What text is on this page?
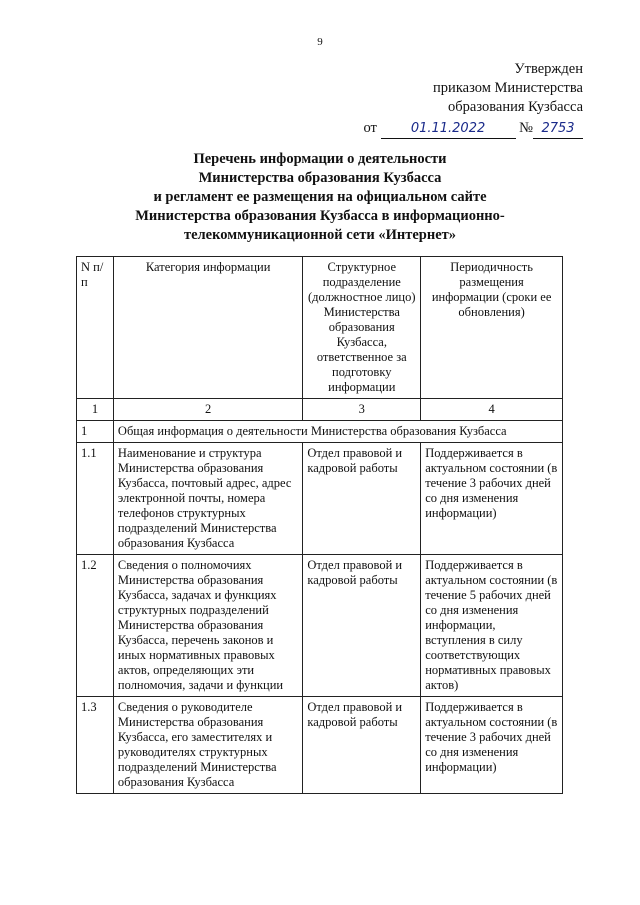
9
Утвержден
приказом Министерства
образования Кузбасса
от	01.11.2022 № 2753
Перечень информации о деятельности
Министерства образования Кузбасса
и регламент ее размещения на официальном сайте
Министерства образования Кузбасса в информационно-
телекоммуникационной сети «Интернет»
N п/п	Категория информации	Структурное подразделение (должностное лицо) Министерства образования Кузбасса, ответственное за подготовку информации	Периодичность размещения информации (сроки ее обновления)
1	2	3	4
1	Общая информация о деятельности Министерства образования Кузбасса		
1.1	Наименование и структура Министерства образования Кузбасса, почтовый адрес, адрес электронной почты, номера телефонов структурных подразделений Министерства образования Кузбасса	Отдел правовой и кадровой работы	Поддерживается в актуальном состоянии (в течение 3 рабочих дней со дня изменения информации)
1.2	Сведения о полномочиях Министерства образования Кузбасса, задачах и функциях структурных подразделений Министерства образования Кузбасса, перечень законов и иных нормативных правовых актов, определяющих эти полномочия, задачи и функции	Отдел правовой и кадровой работы	Поддерживается в актуальном состоянии (в течение 5 рабочих дней со дня изменения информации, вступления в силу соответствующих нормативных правовых актов)
1.3	Сведения о руководителе Министерства образования Кузбасса, его заместителях и руководителях структурных подразделений Министерства образования Кузбасса	Отдел правовой и кадровой работы	Поддерживается в актуальном состоянии (в течение 3 рабочих дней со дня изменения информации)
